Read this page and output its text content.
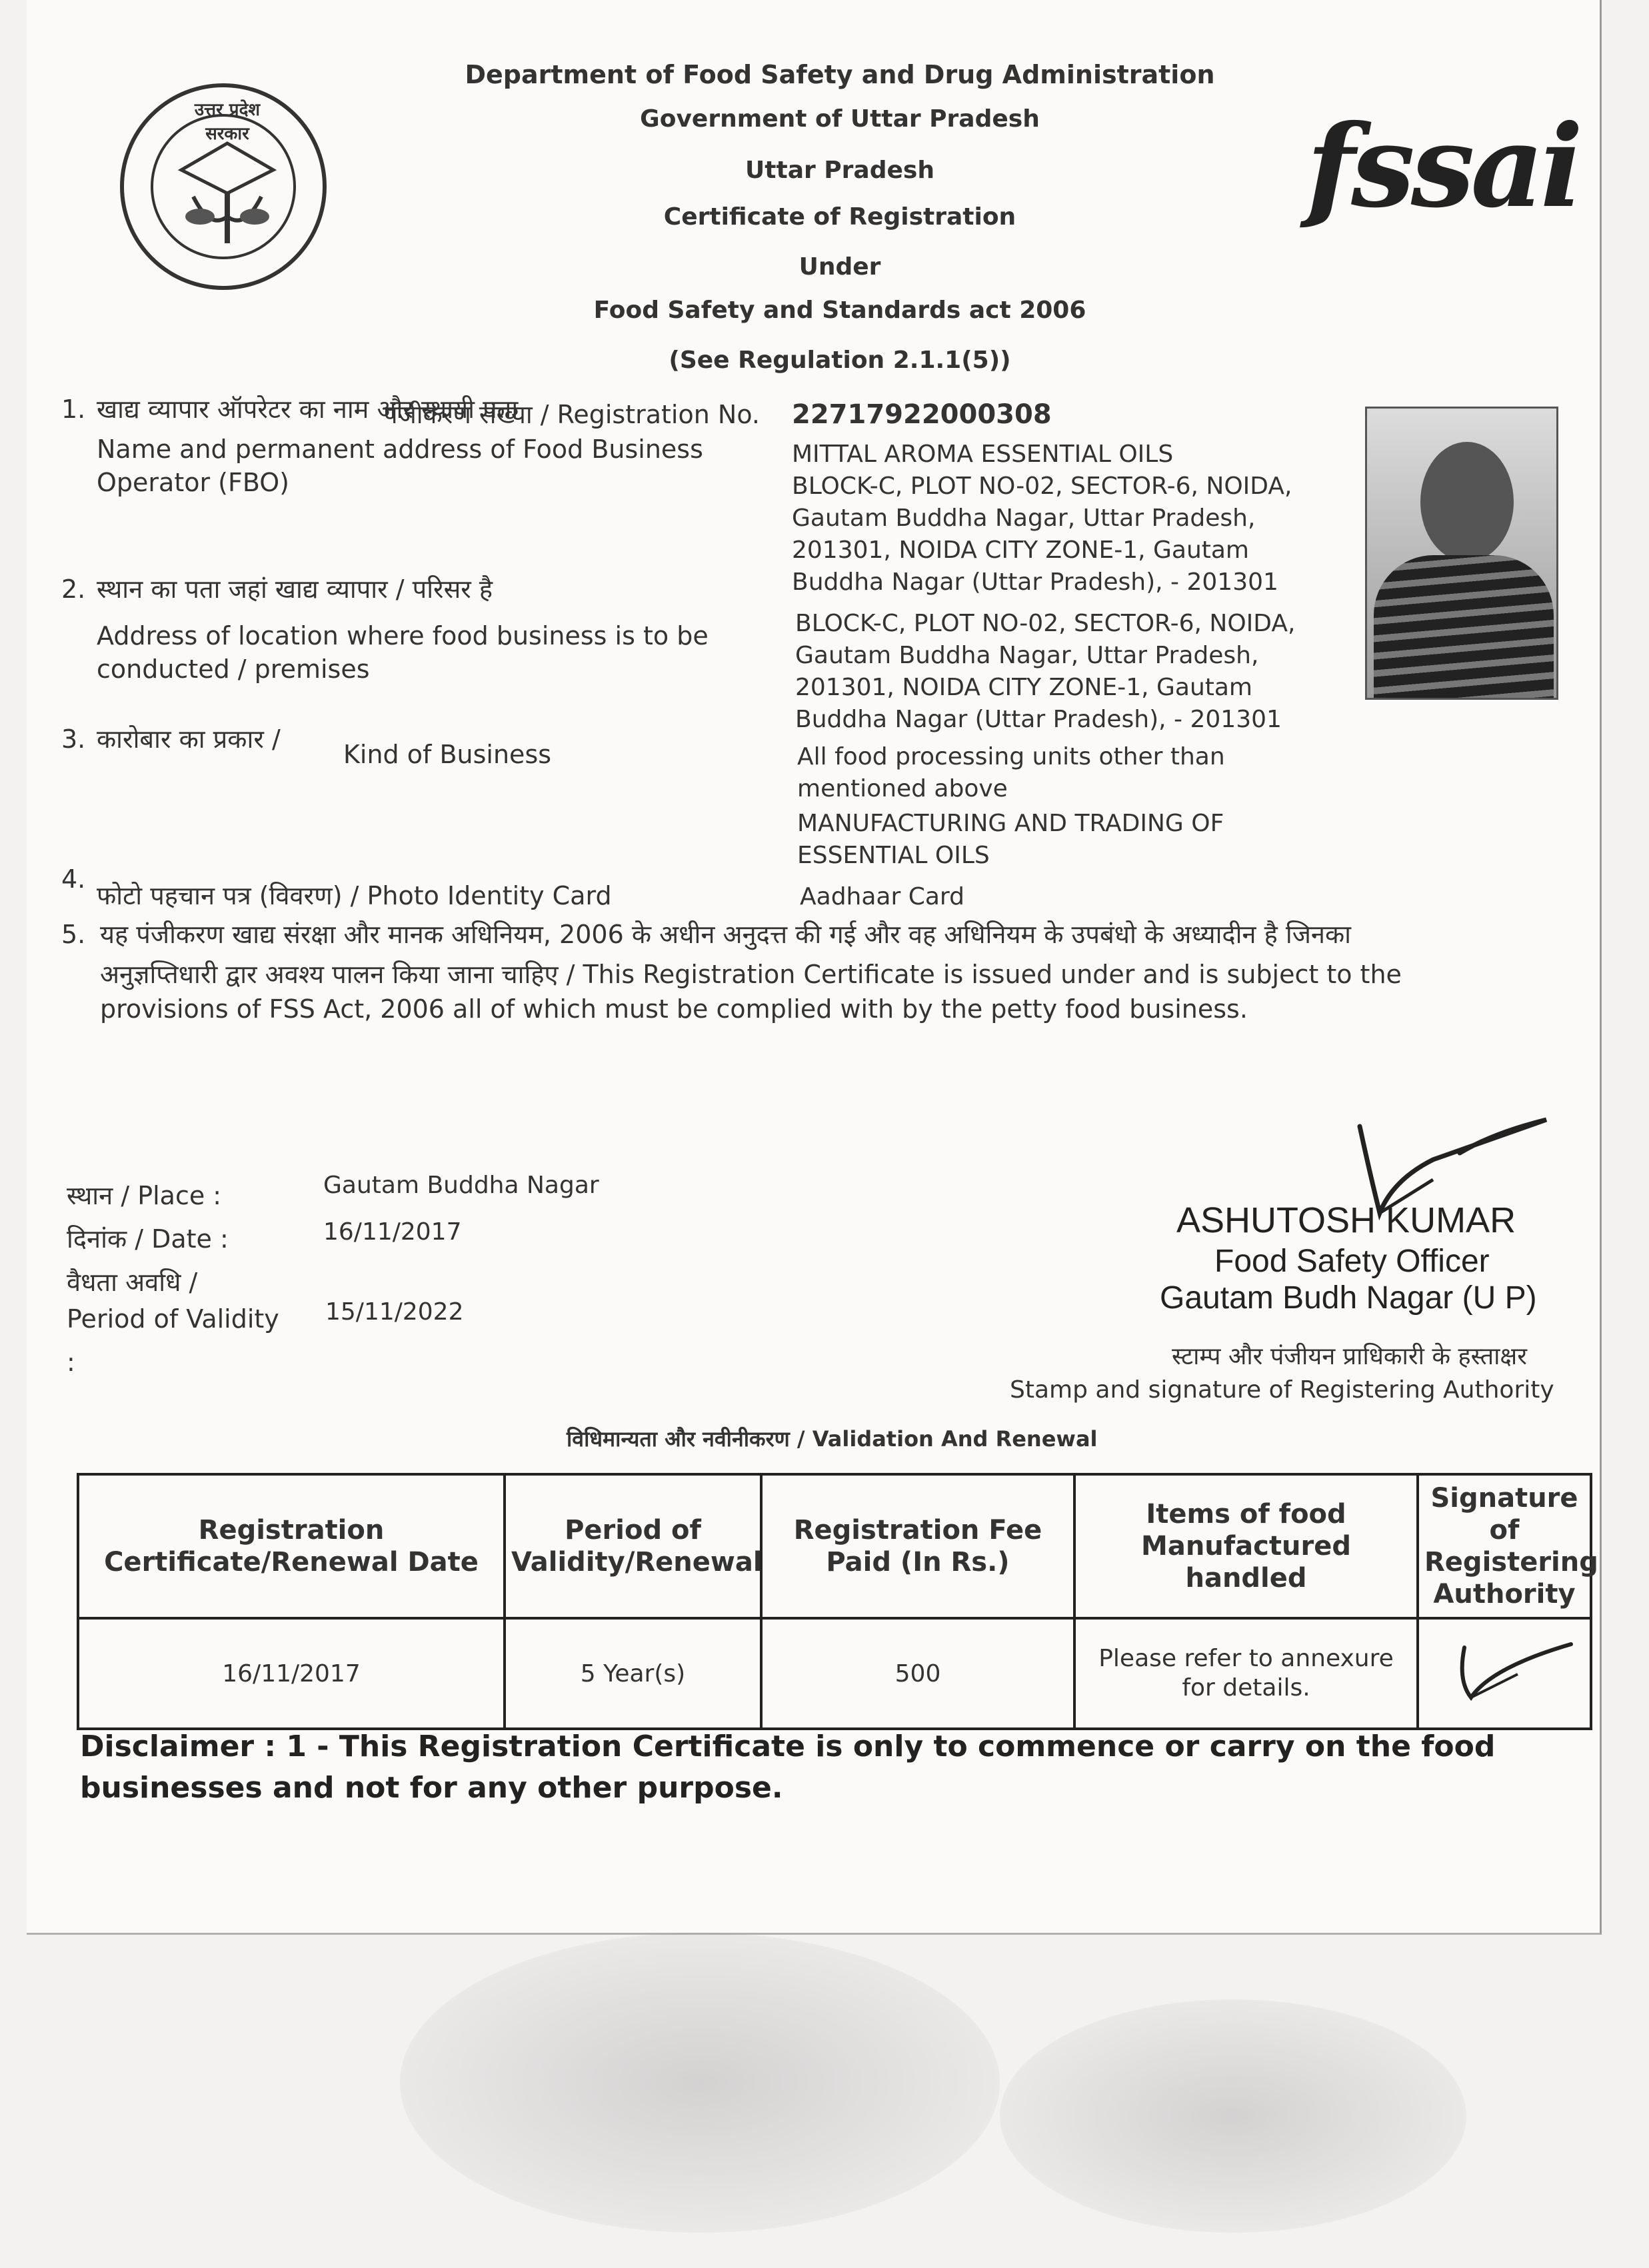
उत्तर प्रदेश सरकार	fssai
Department of Food Safety and Drug Administration
Government of Uttar Pradesh
Uttar Pradesh
Certificate of Registration
Under
Food Safety and Standards act 2006
(See Regulation 2.1.1(5))
पंजीकरण संख्या / Registration No. 22717922000308
1. खाद्य व्यापार ऑपरेटर का नाम और स्थायी पता
Name and permanent address of Food Business
Operator (FBO)
MITTAL AROMA ESSENTIAL OILS
BLOCK-C, PLOT NO-02, SECTOR-6, NOIDA,
Gautam Buddha Nagar, Uttar Pradesh,
201301, NOIDA CITY ZONE-1, Gautam
Buddha Nagar (Uttar Pradesh), - 201301
2. स्थान का पता जहां खाद्य व्यापार / परिसर है
Address of location where food business is to be
conducted / premises
BLOCK-C, PLOT NO-02, SECTOR-6, NOIDA,
Gautam Buddha Nagar, Uttar Pradesh,
201301, NOIDA CITY ZONE-1, Gautam
Buddha Nagar (Uttar Pradesh), - 201301
3. कारोबार का प्रकार /
Kind of Business	All food processing units other than
mentioned above
MANUFACTURING AND TRADING OF
ESSENTIAL OILS
4.
फोटो पहचान पत्र (विवरण) / Photo Identity Card	Aadhaar Card
5. यह पंजीकरण खाद्य संरक्षा और मानक अधिनियम, 2006 के अधीन अनुदत्त की गई और वह अधिनियम के उपबंधो के अध्यादीन है जिनका
अनुज्ञप्तिधारी द्वार अवश्य पालन किया जाना चाहिए / This Registration Certificate is issued under and is subject to the
provisions of FSS Act, 2006 all of which must be complied with by the petty food business.
स्थान / Place :	Gautam Buddha Nagar
दिनांक / Date :	16/11/2017
वैधता अवधि /
Period of Validity
:
15/11/2022
ASHUTOSH KUMAR
Food Safety Officer
Gautam Budh Nagar (U P)
स्टाम्प और पंजीयन प्राधिकारी के हस्ताक्षर
Stamp and signature of Registering Authority
विधिमान्यता और नवीनीकरण / Validation And Renewal
Registration Certificate/Renewal Date	Period of Validity/Renewal	Registration Fee Paid (In Rs.)	Items of food Manufactured handled	Signature of Registering Authority
16/11/2017	5 Year(s)	500	Please refer to annexure for details.	
Disclaimer : 1 - This Registration Certificate is only to commence or carry on the food businesses and not for any other purpose.
